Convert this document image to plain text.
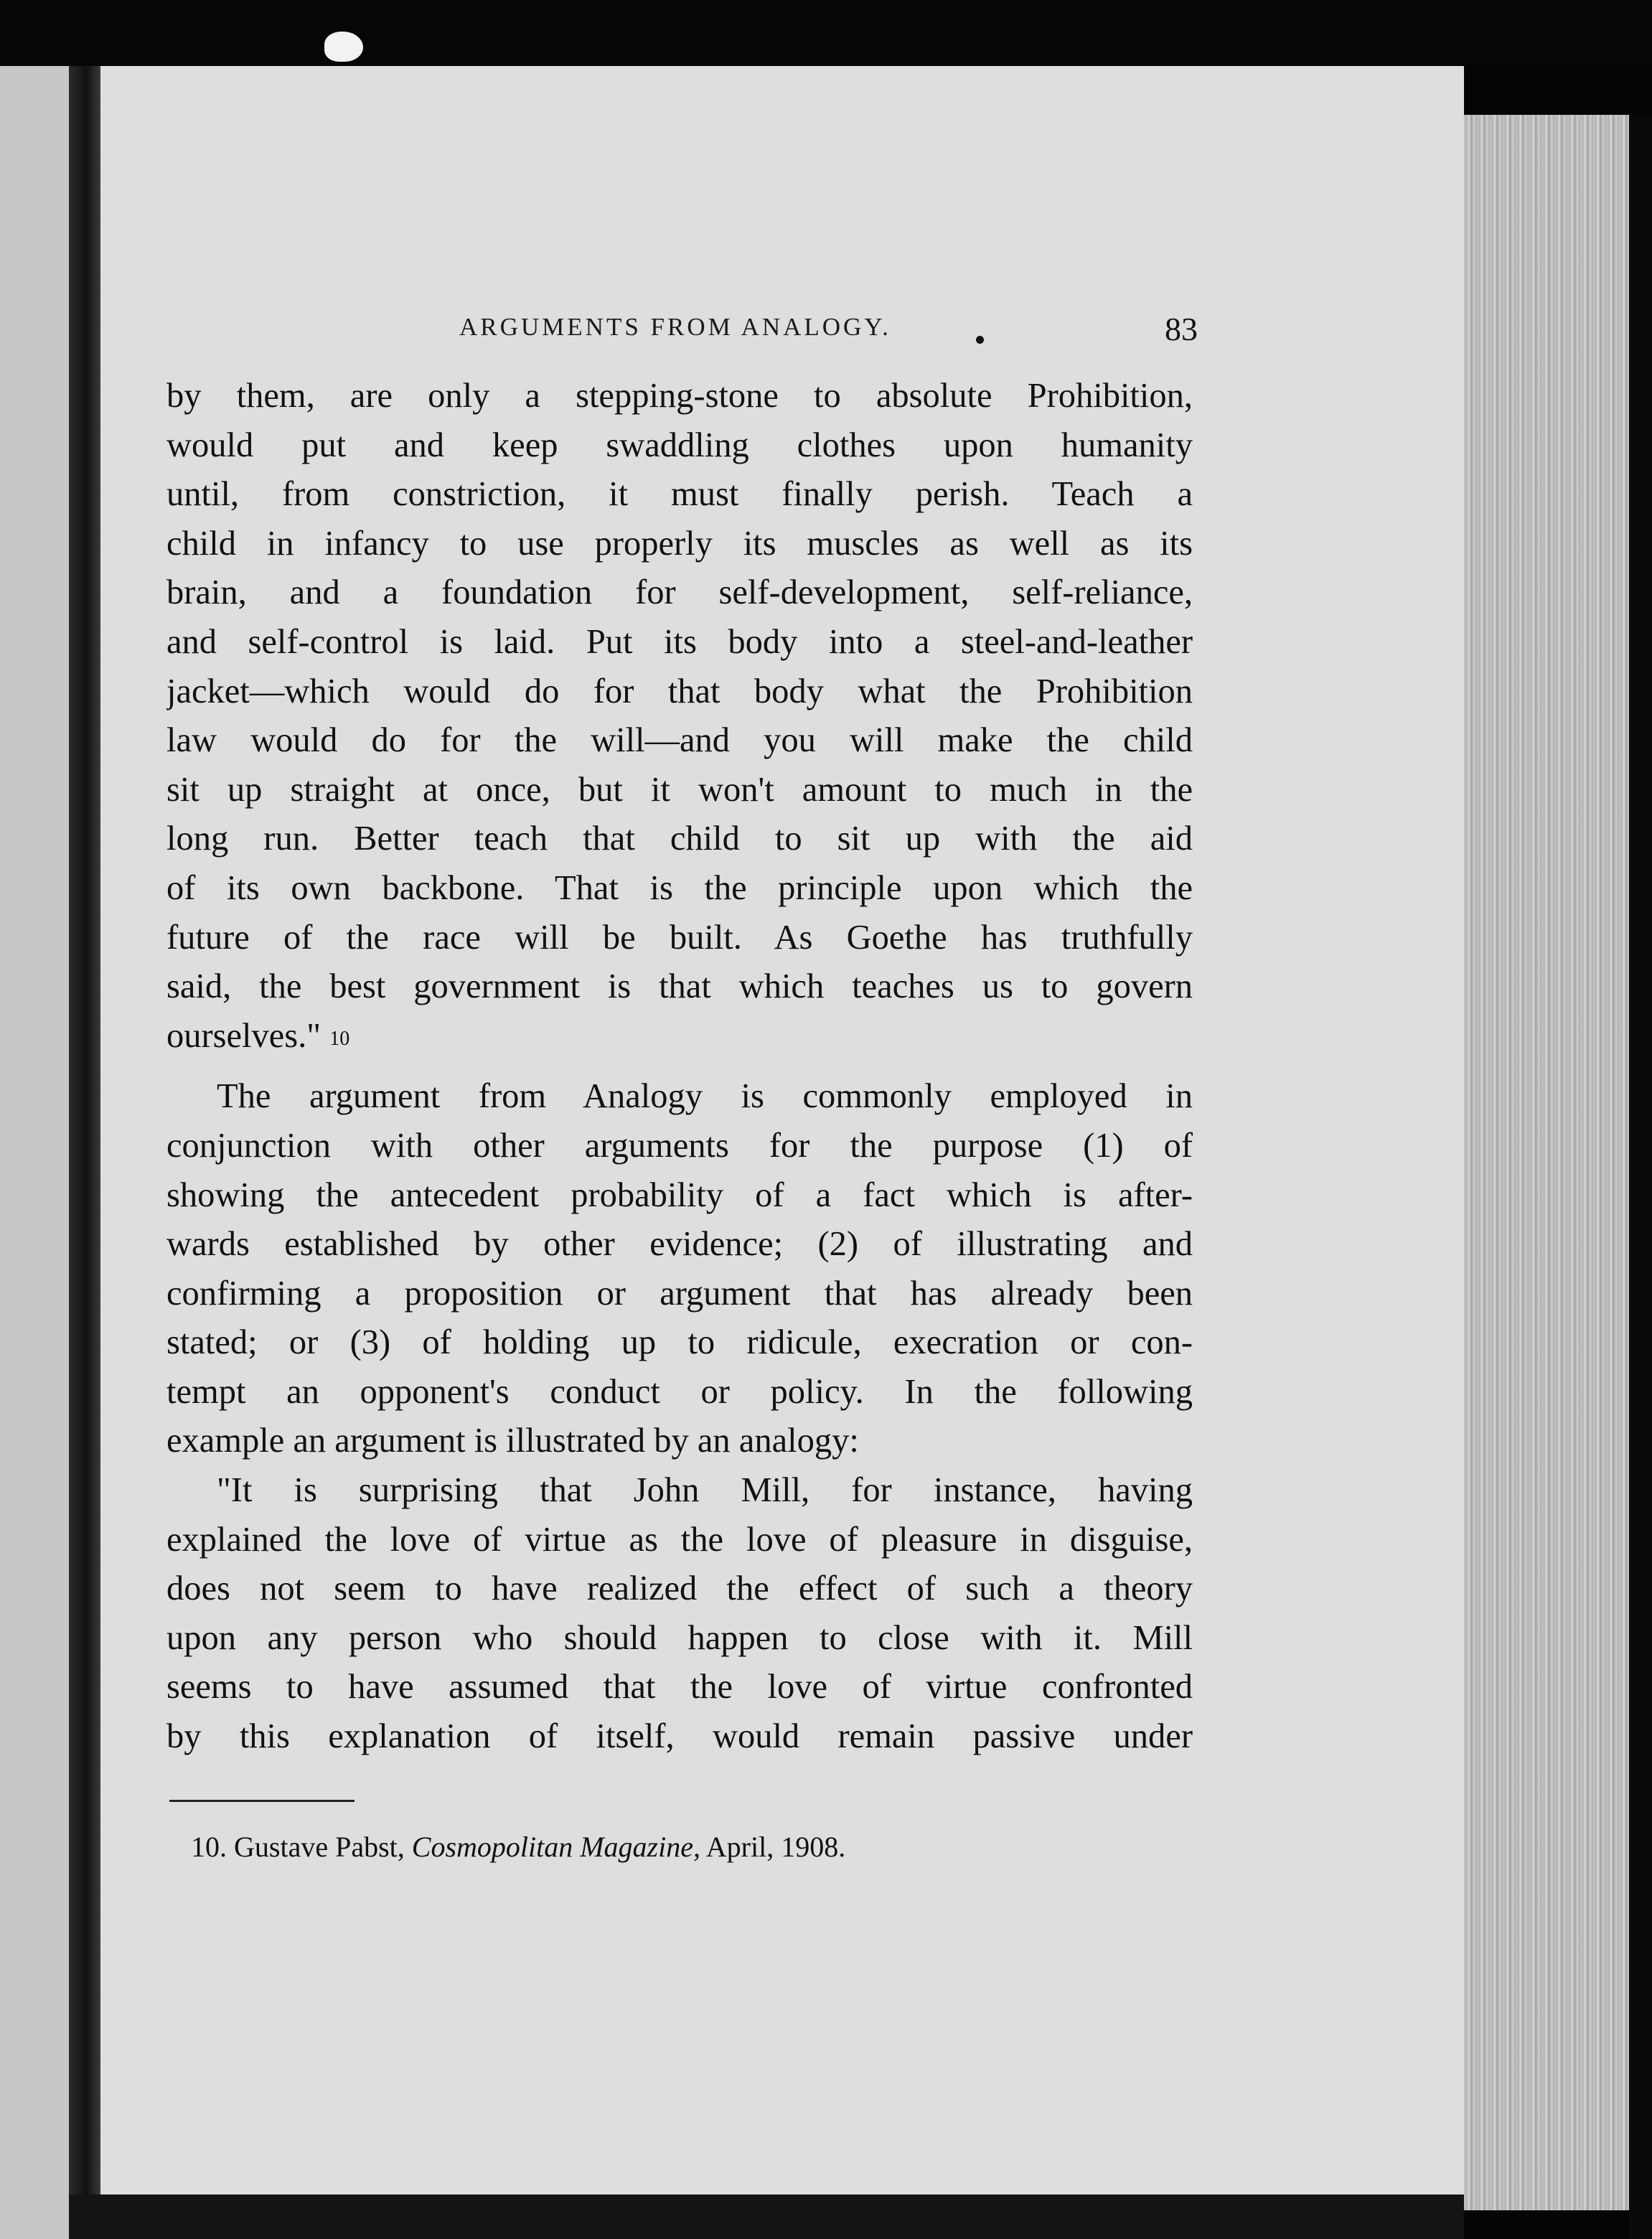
ARGUMENTS FROM ANALOGY.	83
by them, are only a stepping-stone to absolute Prohibition,
would put and keep swaddling clothes upon humanity
until, from constriction, it must finally perish. Teach a
child in infancy to use properly its muscles as well as its
brain, and a foundation for self-development, self-reliance,
and self-control is laid. Put its body into a steel-and-leather
jacket—which would do for that body what the Prohibition
law would do for the will—and you will make the child
sit up straight at once, but it won't amount to much in the
long run. Better teach that child to sit up with the aid
of its own backbone. That is the principle upon which the
future of the race will be built. As Goethe has truthfully
said, the best government is that which teaches us to govern
ourselves." 10
The argument from Analogy is commonly employed in
conjunction with other arguments for the purpose (1) of
showing the antecedent probability of a fact which is after-
wards established by other evidence; (2) of illustrating and
confirming a proposition or argument that has already been
stated; or (3) of holding up to ridicule, execration or con-
tempt an opponent's conduct or policy. In the following
example an argument is illustrated by an analogy:
"It is surprising that John Mill, for instance, having
explained the love of virtue as the love of pleasure in disguise,
does not seem to have realized the effect of such a theory
upon any person who should happen to close with it. Mill
seems to have assumed that the love of virtue confronted
by this explanation of itself, would remain passive under
10. Gustave Pabst, Cosmopolitan Magazine, April, 1908.
